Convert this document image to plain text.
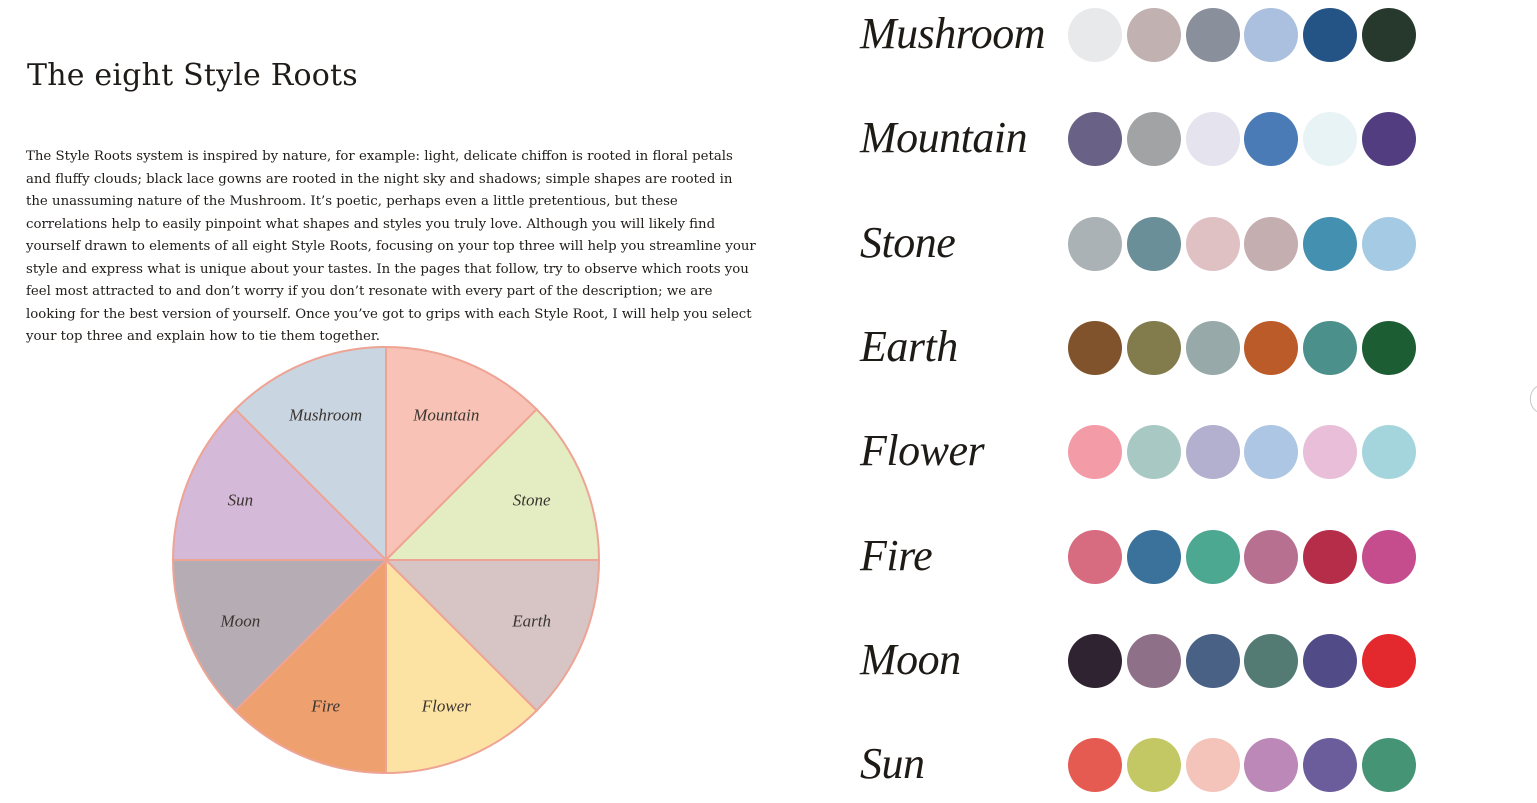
The eight Style Roots

The Style Roots system is inspired by nature, for example: light, delicate chiffon is rooted in floral petals and fluffy clouds; black lace gowns are rooted in the night sky and shadows; simple shapes are rooted in the unassuming nature of the Mushroom. It’s poetic, perhaps even a little pretentious, but these correlations help to easily pinpoint what shapes and styles you truly love. Although you will likely find yourself drawn to elements of all eight Style Roots, focusing on your top three will help you streamline your style and express what is unique about your tastes. In the pages that follow, try to observe which roots you feel most attracted to and don’t worry if you don’t resonate with every part of the description; we are looking for the best version of yourself. Once you’ve got to grips with each Style Root, I will help you select your top three and explain how to tie them together.

Mushroom	Mountain
Stone
Earth
Flower
Fire
Moon
Sun
Mushroom
Mountain
Stone
Earth
Flower
Fire
Moon
Sun
